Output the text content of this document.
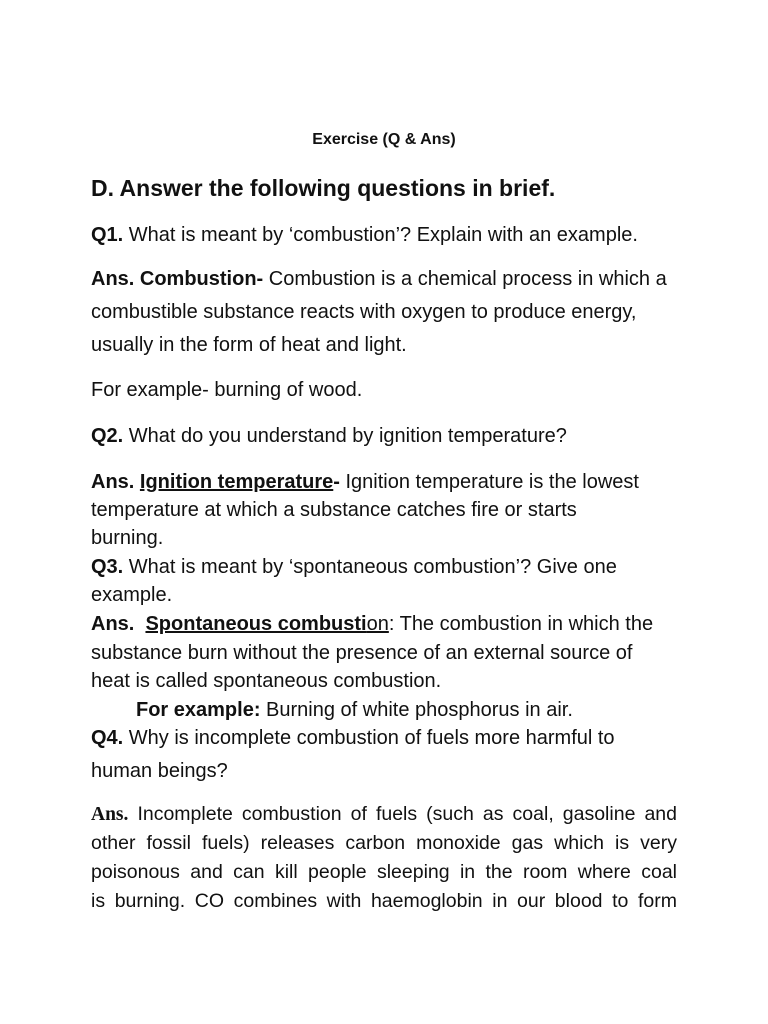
Exercise (Q & Ans)
D. Answer the following questions in brief.
Q1. What is meant by ‘combustion’? Explain with an example.
Ans. Combustion- Combustion is a chemical process in which a
combustible substance reacts with oxygen to produce energy,
usually in the form of heat and light.
For example- burning of wood.
Q2. What do you understand by ignition temperature?
Ans. Ignition temperature- Ignition temperature is the lowest
temperature at which a substance catches fire or starts
burning.
Q3. What is meant by ‘spontaneous combustion’? Give one
example.
Ans. Spontaneous combustion: The combustion in which the
substance burn without the presence of an external source of
heat is called spontaneous combustion.
For example: Burning of white phosphorus in air.
Q4. Why is incomplete combustion of fuels more harmful to
human beings?
Ans. Incomplete combustion of fuels (such as coal, gasoline and
other fossil fuels) releases carbon monoxide gas which is very
poisonous and can kill people sleeping in the room where coal
is burning. CO combines with haemoglobin in our blood to form
